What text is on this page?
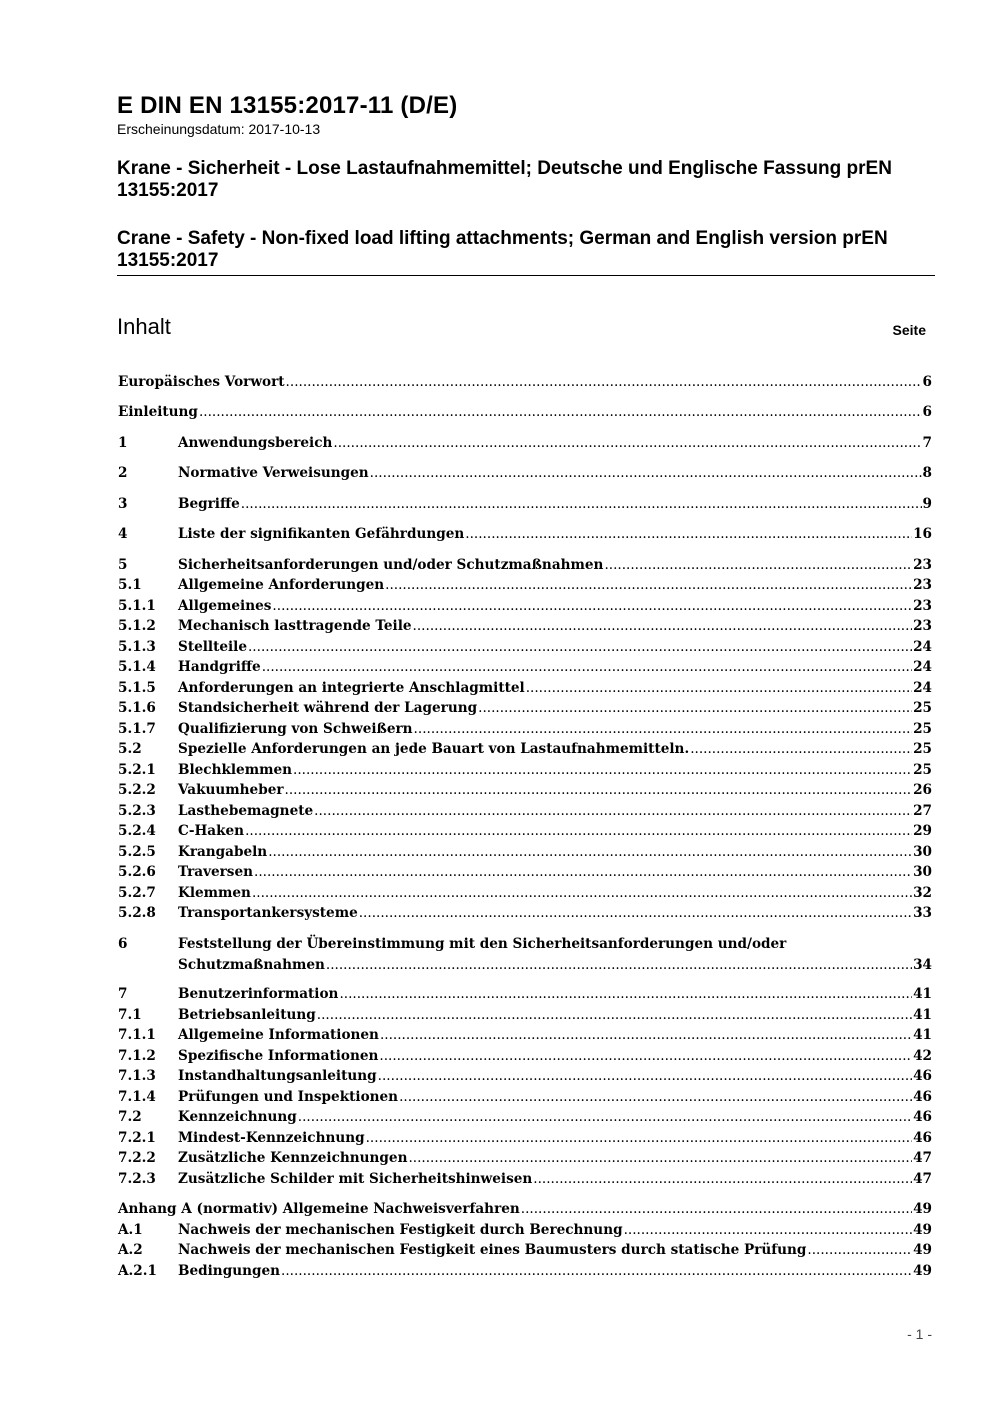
E DIN EN 13155:2017-11 (D/E)
Erscheinungsdatum: 2017-10-13
Krane - Sicherheit - Lose Lastaufnahmemittel; Deutsche und Englische Fassung prEN 13155:2017
Crane - Safety - Non-fixed load lifting attachments; German and English version prEN 13155:2017
Inhalt	Seite
Europäisches Vorwort .....	6
Einleitung .....	6
1	Anwendungsbereich .....	7
2	Normative Verweisungen .....	8
3	Begriffe .....	9
4	Liste der signifikanten Gefährdungen .....	16
5	Sicherheitsanforderungen und/oder Schutzmaßnahmen .....	23
5.1	Allgemeine Anforderungen .....	23
5.1.1 Allgemeines .....	23
5.1.2 Mechanisch lasttragende Teile .....	23
5.1.3 Stellteile .....	24
5.1.4 Handgriffe .....	24
5.1.5 Anforderungen an integrierte Anschlagmittel .....	24
5.1.6 Standsicherheit während der Lagerung .....	25
5.1.7 Qualifizierung von Schweißern .....	25
5.2	Spezielle Anforderungen an jede Bauart von Lastaufnahmemitteln. .....	25
5.2.1 Blechklemmen .....	25
5.2.2 Vakuumheber .....	26
5.2.3 Lasthebemagnete .....	27
5.2.4 C-Haken .....	29
5.2.5 Krangabeln .....	30
5.2.6 Traversen .....	30
5.2.7 Klemmen .....	32
5.2.8 Transportankersysteme .....	33
6	Feststellung der Übereinstimmung mit den Sicherheitsanforderungen und/oder
Schutzmaßnahmen .....	34
7	Benutzerinformation .....	41
7.1	Betriebsanleitung .....	41
7.1.1 Allgemeine Informationen .....	41
7.1.2 Spezifische Informationen .....	42
7.1.3 Instandhaltungsanleitung .....	46
7.1.4 Prüfungen und Inspektionen .....	46
7.2	Kennzeichnung .....	46
7.2.1 Mindest-Kennzeichnung .....	46
7.2.2 Zusätzliche Kennzeichnungen .....	47
7.2.3 Zusätzliche Schilder mit Sicherheitshinweisen .....	47
Anhang A (normativ) Allgemeine Nachweisverfahren .....	49
A.1	Nachweis der mechanischen Festigkeit durch Berechnung .....	49
A.2	Nachweis der mechanischen Festigkeit eines Baumusters durch statische Prüfung .....	49
A.2.1 Bedingungen .....	49
- 1 -
